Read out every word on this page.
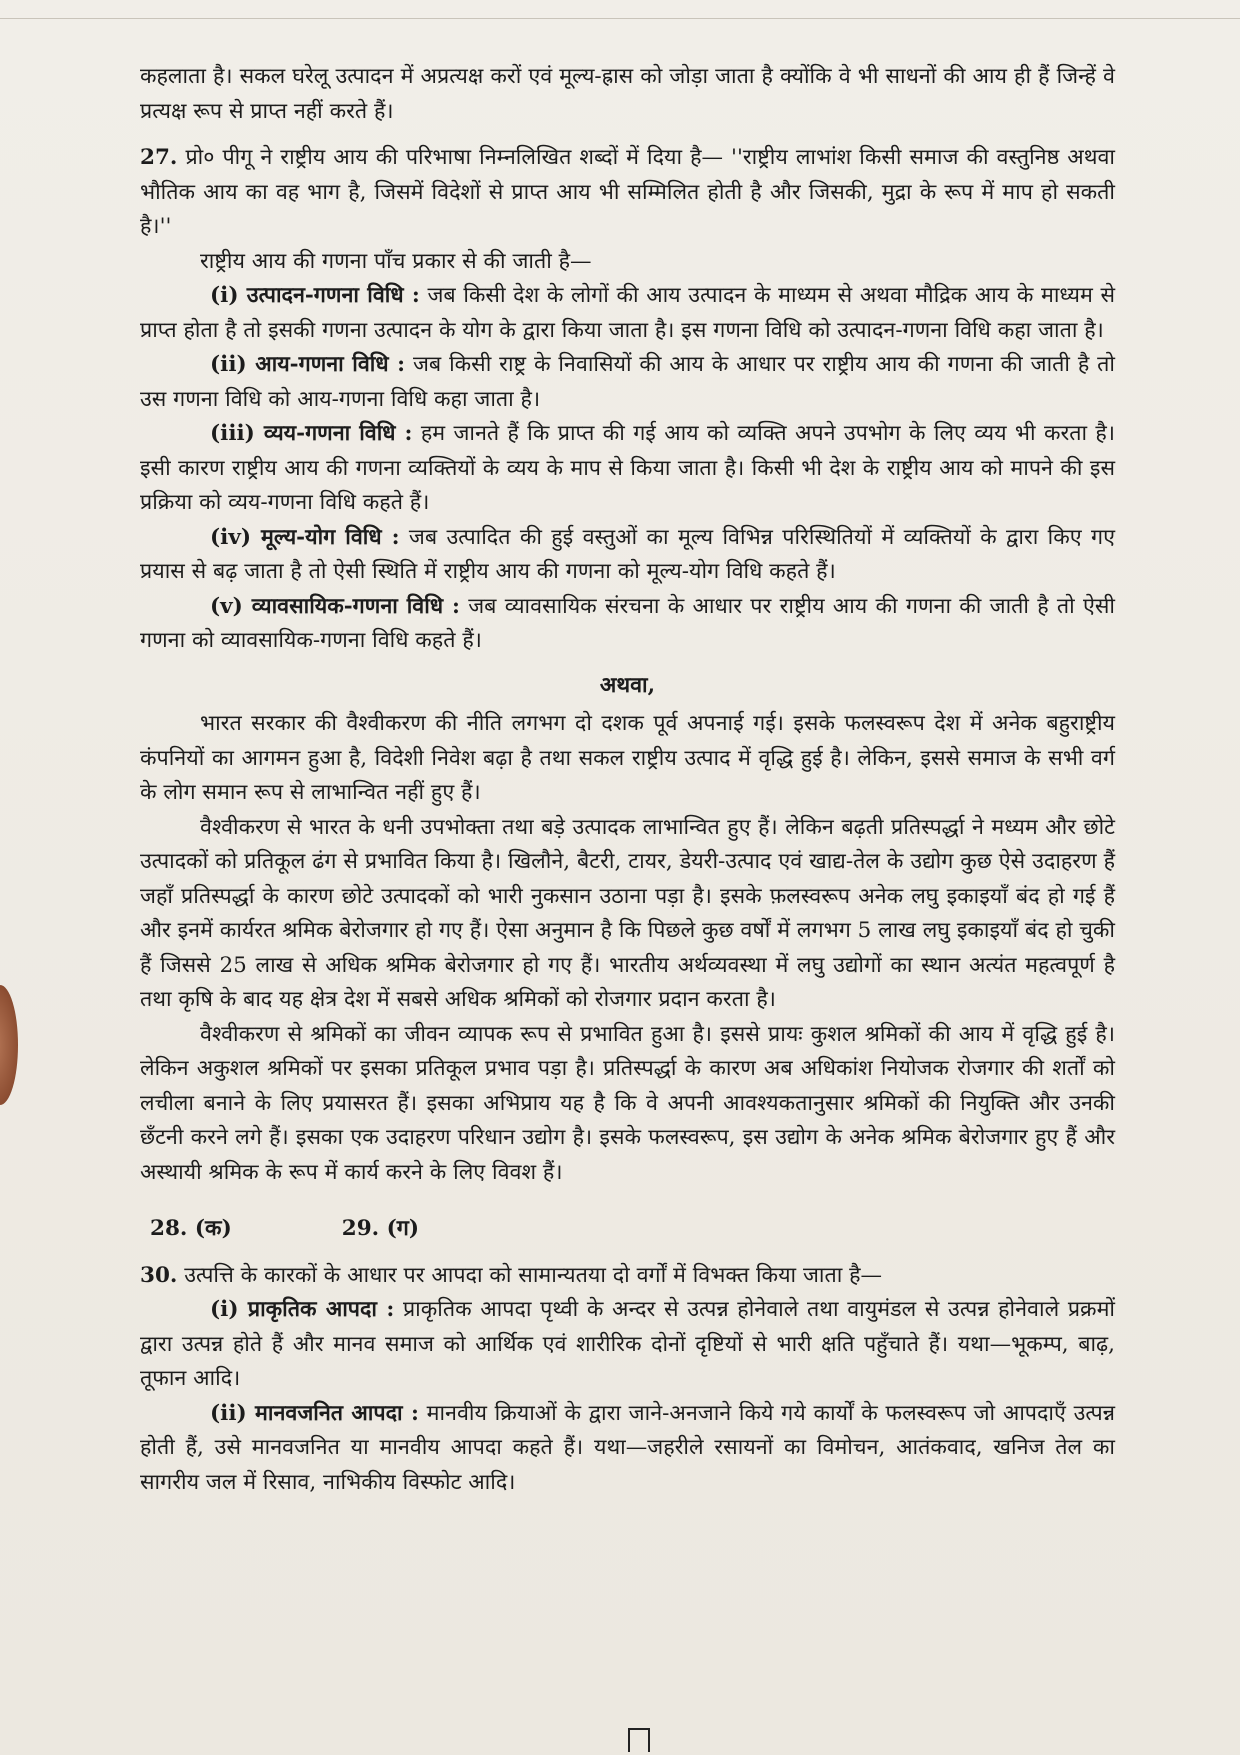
कहलाता है। सकल घरेलू उत्पादन में अप्रत्यक्ष करों एवं मूल्य-ह्रास को जोड़ा जाता है क्योंकि वे भी साधनों की आय ही हैं जिन्हें वे प्रत्यक्ष रूप से प्राप्त नहीं करते हैं।

27. प्रो० पीगू ने राष्ट्रीय आय की परिभाषा निम्नलिखित शब्दों में दिया है— ''राष्ट्रीय लाभांश किसी समाज की वस्तुनिष्ठ अथवा भौतिक आय का वह भाग है, जिसमें विदेशों से प्राप्त आय भी सम्मिलित होती है और जिसकी, मुद्रा के रूप में माप हो सकती है।''

राष्ट्रीय आय की गणना पाँच प्रकार से की जाती है—

(i) उत्पादन-गणना विधि : जब किसी देश के लोगों की आय उत्पादन के माध्यम से अथवा मौद्रिक आय के माध्यम से प्राप्त होता है तो इसकी गणना उत्पादन के योग के द्वारा किया जाता है। इस गणना विधि को उत्पादन-गणना विधि कहा जाता है।

(ii) आय-गणना विधि : जब किसी राष्ट्र के निवासियों की आय के आधार पर राष्ट्रीय आय की गणना की जाती है तो उस गणना विधि को आय-गणना विधि कहा जाता है।

(iii) व्यय-गणना विधि : हम जानते हैं कि प्राप्त की गई आय को व्यक्ति अपने उपभोग के लिए व्यय भी करता है। इसी कारण राष्ट्रीय आय की गणना व्यक्तियों के व्यय के माप से किया जाता है। किसी भी देश के राष्ट्रीय आय को मापने की इस प्रक्रिया को व्यय-गणना विधि कहते हैं।

(iv) मूल्य-योग विधि : जब उत्पादित की हुई वस्तुओं का मूल्य विभिन्न परिस्थितियों में व्यक्तियों के द्वारा किए गए प्रयास से बढ़ जाता है तो ऐसी स्थिति में राष्ट्रीय आय की गणना को मूल्य-योग विधि कहते हैं।

(v) व्यावसायिक-गणना विधि : जब व्यावसायिक संरचना के आधार पर राष्ट्रीय आय की गणना की जाती है तो ऐसी गणना को व्यावसायिक-गणना विधि कहते हैं।

अथवा,

भारत सरकार की वैश्वीकरण की नीति लगभग दो दशक पूर्व अपनाई गई। इसके फलस्वरूप देश में अनेक बहुराष्ट्रीय कंपनियों का आगमन हुआ है, विदेशी निवेश बढ़ा है तथा सकल राष्ट्रीय उत्पाद में वृद्धि हुई है। लेकिन, इससे समाज के सभी वर्ग के लोग समान रूप से लाभान्वित नहीं हुए हैं।

वैश्वीकरण से भारत के धनी उपभोक्ता तथा बड़े उत्पादक लाभान्वित हुए हैं। लेकिन बढ़ती प्रतिस्पर्द्धा ने मध्यम और छोटे उत्पादकों को प्रतिकूल ढंग से प्रभावित किया है। खिलौने, बैटरी, टायर, डेयरी-उत्पाद एवं खाद्य-तेल के उद्योग कुछ ऐसे उदाहरण हैं जहाँ प्रतिस्पर्द्धा के कारण छोटे उत्पादकों को भारी नुकसान उठाना पड़ा है। इसके फ़लस्वरूप अनेक लघु इकाइयाँ बंद हो गई हैं और इनमें कार्यरत श्रमिक बेरोजगार हो गए हैं। ऐसा अनुमान है कि पिछले कुछ वर्षों में लगभग 5 लाख लघु इकाइयाँ बंद हो चुकी हैं जिससे 25 लाख से अधिक श्रमिक बेरोजगार हो गए हैं। भारतीय अर्थव्यवस्था में लघु उद्योगों का स्थान अत्यंत महत्वपूर्ण है तथा कृषि के बाद यह क्षेत्र देश में सबसे अधिक श्रमिकों को रोजगार प्रदान करता है।

वैश्वीकरण से श्रमिकों का जीवन व्यापक रूप से प्रभावित हुआ है। इससे प्रायः कुशल श्रमिकों की आय में वृद्धि हुई है। लेकिन अकुशल श्रमिकों पर इसका प्रतिकूल प्रभाव पड़ा है। प्रतिस्पर्द्धा के कारण अब अधिकांश नियोजक रोजगार की शर्तों को लचीला बनाने के लिए प्रयासरत हैं। इसका अभिप्राय यह है कि वे अपनी आवश्यकतानुसार श्रमिकों की नियुक्ति और उनकी छँटनी करने लगे हैं। इसका एक उदाहरण परिधान उद्योग है। इसके फलस्वरूप, इस उद्योग के अनेक श्रमिक बेरोजगार हुए हैं और अस्थायी श्रमिक के रूप में कार्य करने के लिए विवश हैं।

28. (क)	29. (ग)

30. उत्पत्ति के कारकों के आधार पर आपदा को सामान्यतया दो वर्गों में विभक्त किया जाता है—

(i) प्राकृतिक आपदा : प्राकृतिक आपदा पृथ्वी के अन्दर से उत्पन्न होनेवाले तथा वायुमंडल से उत्पन्न होनेवाले प्रक्रमों द्वारा उत्पन्न होते हैं और मानव समाज को आर्थिक एवं शारीरिक दोनों दृष्टियों से भारी क्षति पहुँचाते हैं। यथा—भूकम्प, बाढ़, तूफान आदि।

(ii) मानवजनित आपदा : मानवीय क्रियाओं के द्वारा जाने-अनजाने किये गये कार्यों के फलस्वरूप जो आपदाएँ उत्पन्न होती हैं, उसे मानवजनित या मानवीय आपदा कहते हैं। यथा—जहरीले रसायनों का विमोचन, आतंकवाद, खनिज तेल का सागरीय जल में रिसाव, नाभिकीय विस्फोट आदि।
